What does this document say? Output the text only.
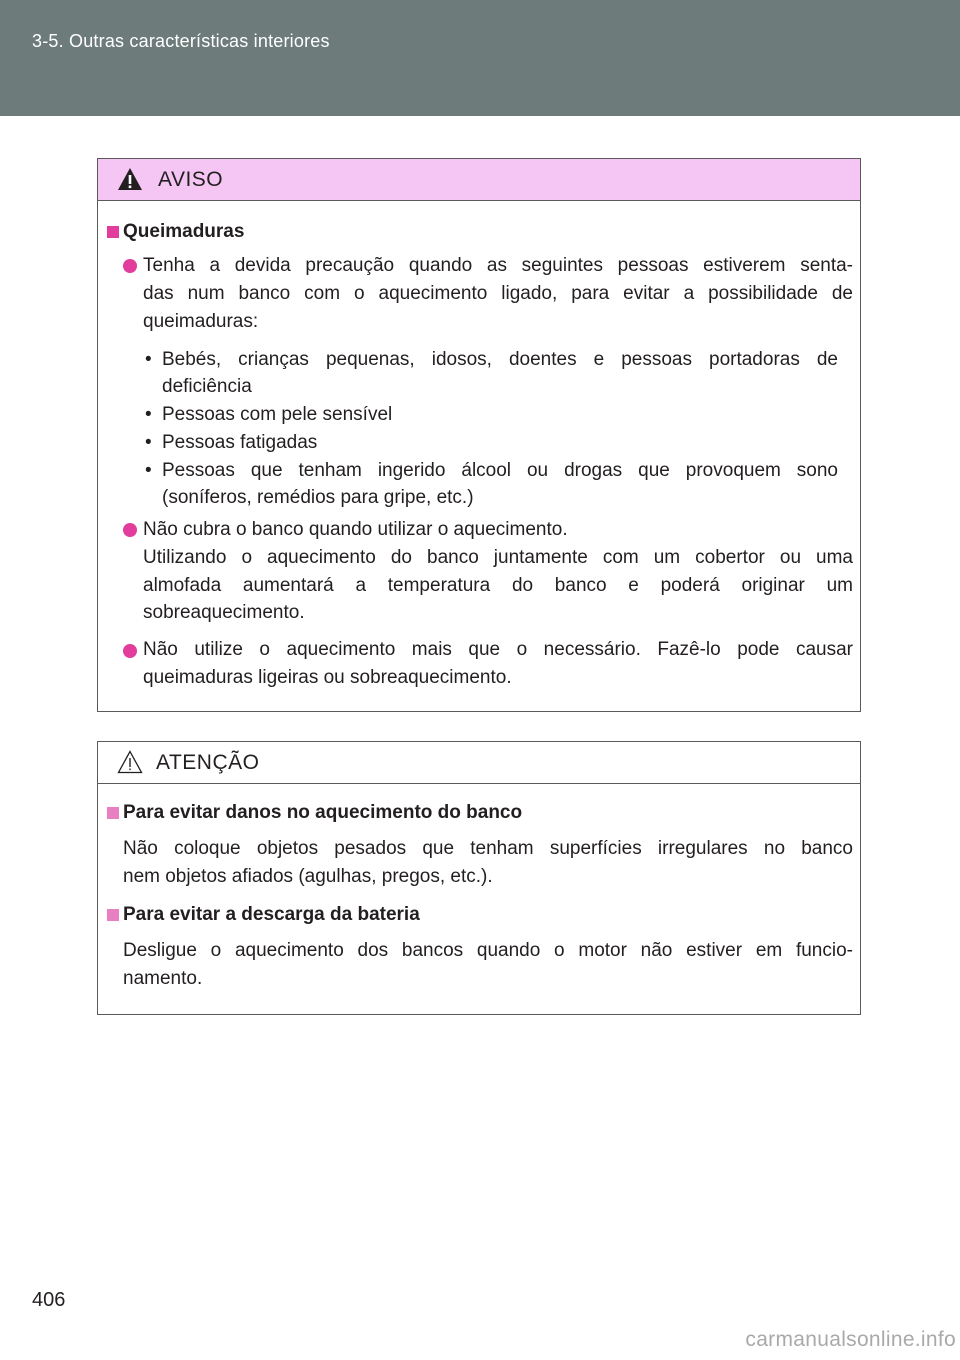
3-5. Outras características interiores
AVISO
Queimaduras
Tenha a devida precaução quando as seguintes pessoas estiverem senta-
das num banco com o aquecimento ligado, para evitar a possibilidade de
queimaduras:
• Bebés, crianças pequenas, idosos, doentes e pessoas portadoras de
deficiência
• Pessoas com pele sensível
• Pessoas fatigadas
• Pessoas que tenham ingerido álcool ou drogas que provoquem sono
(soníferos, remédios para gripe, etc.)
Não cubra o banco quando utilizar o aquecimento.
Utilizando o aquecimento do banco juntamente com um cobertor ou uma
almofada aumentará a temperatura do banco e poderá originar um
sobreaquecimento.
Não utilize o aquecimento mais que o necessário. Fazê-lo pode causar
queimaduras ligeiras ou sobreaquecimento.
ATENÇÃO
Para evitar danos no aquecimento do banco
Não coloque objetos pesados que tenham superfícies irregulares no banco
nem objetos afiados (agulhas, pregos, etc.).
Para evitar a descarga da bateria
Desligue o aquecimento dos bancos quando o motor não estiver em funcio-
namento.
406
carmanualsonline.info
